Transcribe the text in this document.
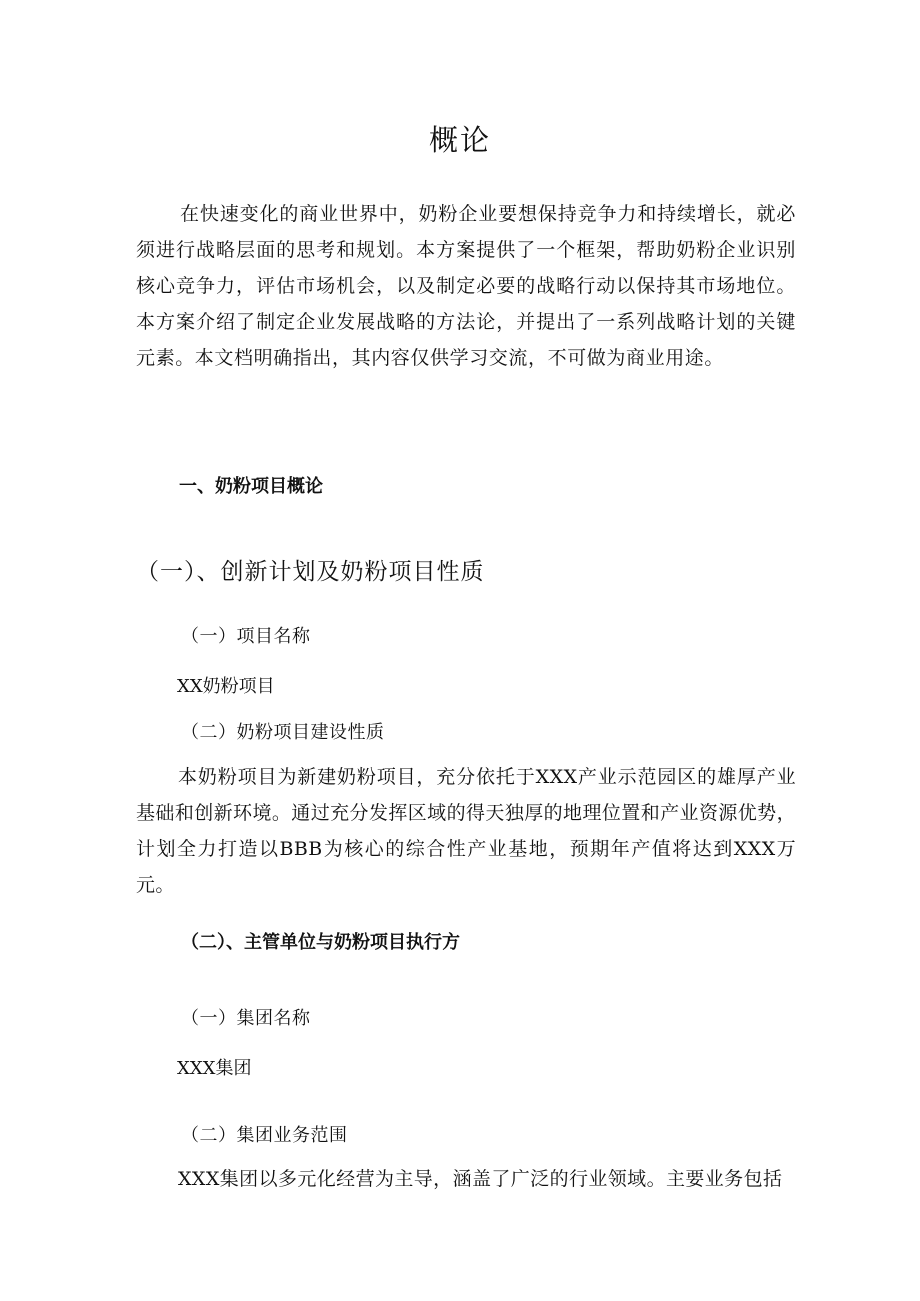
概论

在快速变化的商业世界中，奶粉企业要想保持竞争力和持续增长，就必须进行战略层面的思考和规划。本方案提供了一个框架，帮助奶粉企业识别核心竞争力，评估市场机会，以及制定必要的战略行动以保持其市场地位。本方案介绍了制定企业发展战略的方法论，并提出了一系列战略计划的关键元素。本文档明确指出，其内容仅供学习交流，不可做为商业用途。

一、奶粉项目概论
（一）、创新计划及奶粉项目性质

（一）项目名称

XX奶粉项目

（二）奶粉项目建设性质

本奶粉项目为新建奶粉项目，充分依托于XXX产业示范园区的雄厚产业基础和创新环境。通过充分发挥区域的得天独厚的地理位置和产业资源优势，计划全力打造以BBB为核心的综合性产业基地，预期年产值将达到XXX万元。

（二）、主管单位与奶粉项目执行方

（一）集团名称

XXX集团

（二）集团业务范围

XXX集团以多元化经营为主导，涵盖了广泛的行业领域。主要业务包括
